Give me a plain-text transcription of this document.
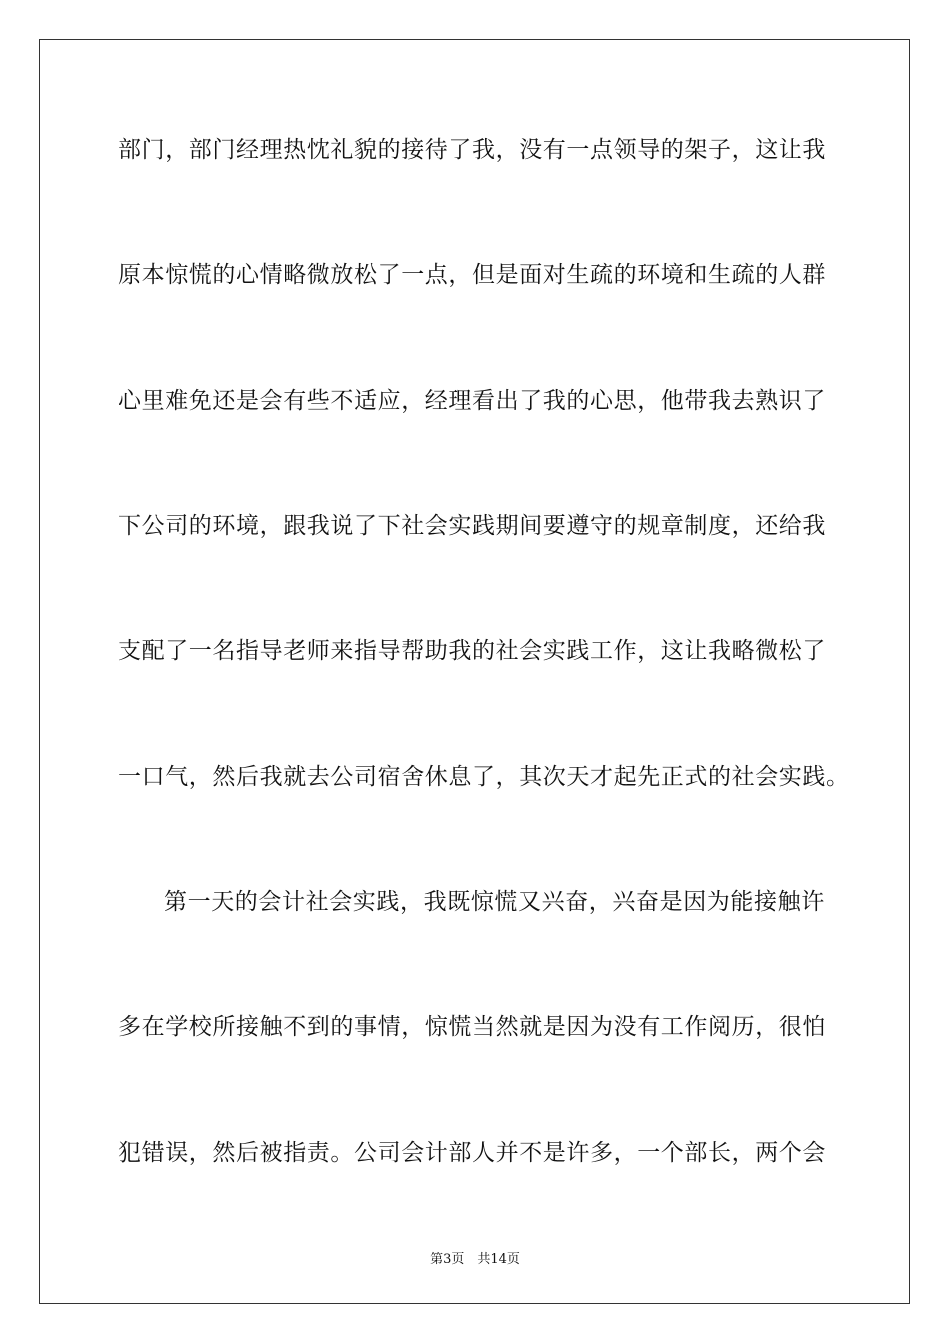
部门，部门经理热忱礼貌的接待了我，没有一点领导的架子，这让我
原本惊慌的心情略微放松了一点，但是面对生疏的环境和生疏的人群
心里难免还是会有些不适应，经理看出了我的心思，他带我去熟识了
下公司的环境，跟我说了下社会实践期间要遵守的规章制度，还给我
支配了一名指导老师来指导帮助我的社会实践工作，这让我略微松了
一口气，然后我就去公司宿舍休息了，其次天才起先正式的社会实践。
第一天的会计社会实践，我既惊慌又兴奋，兴奋是因为能接触许
多在学校所接触不到的事情，惊慌当然就是因为没有工作阅历，很怕
犯错误，然后被指责。公司会计部人并不是许多，一个部长，两个会
第3页　共14页
